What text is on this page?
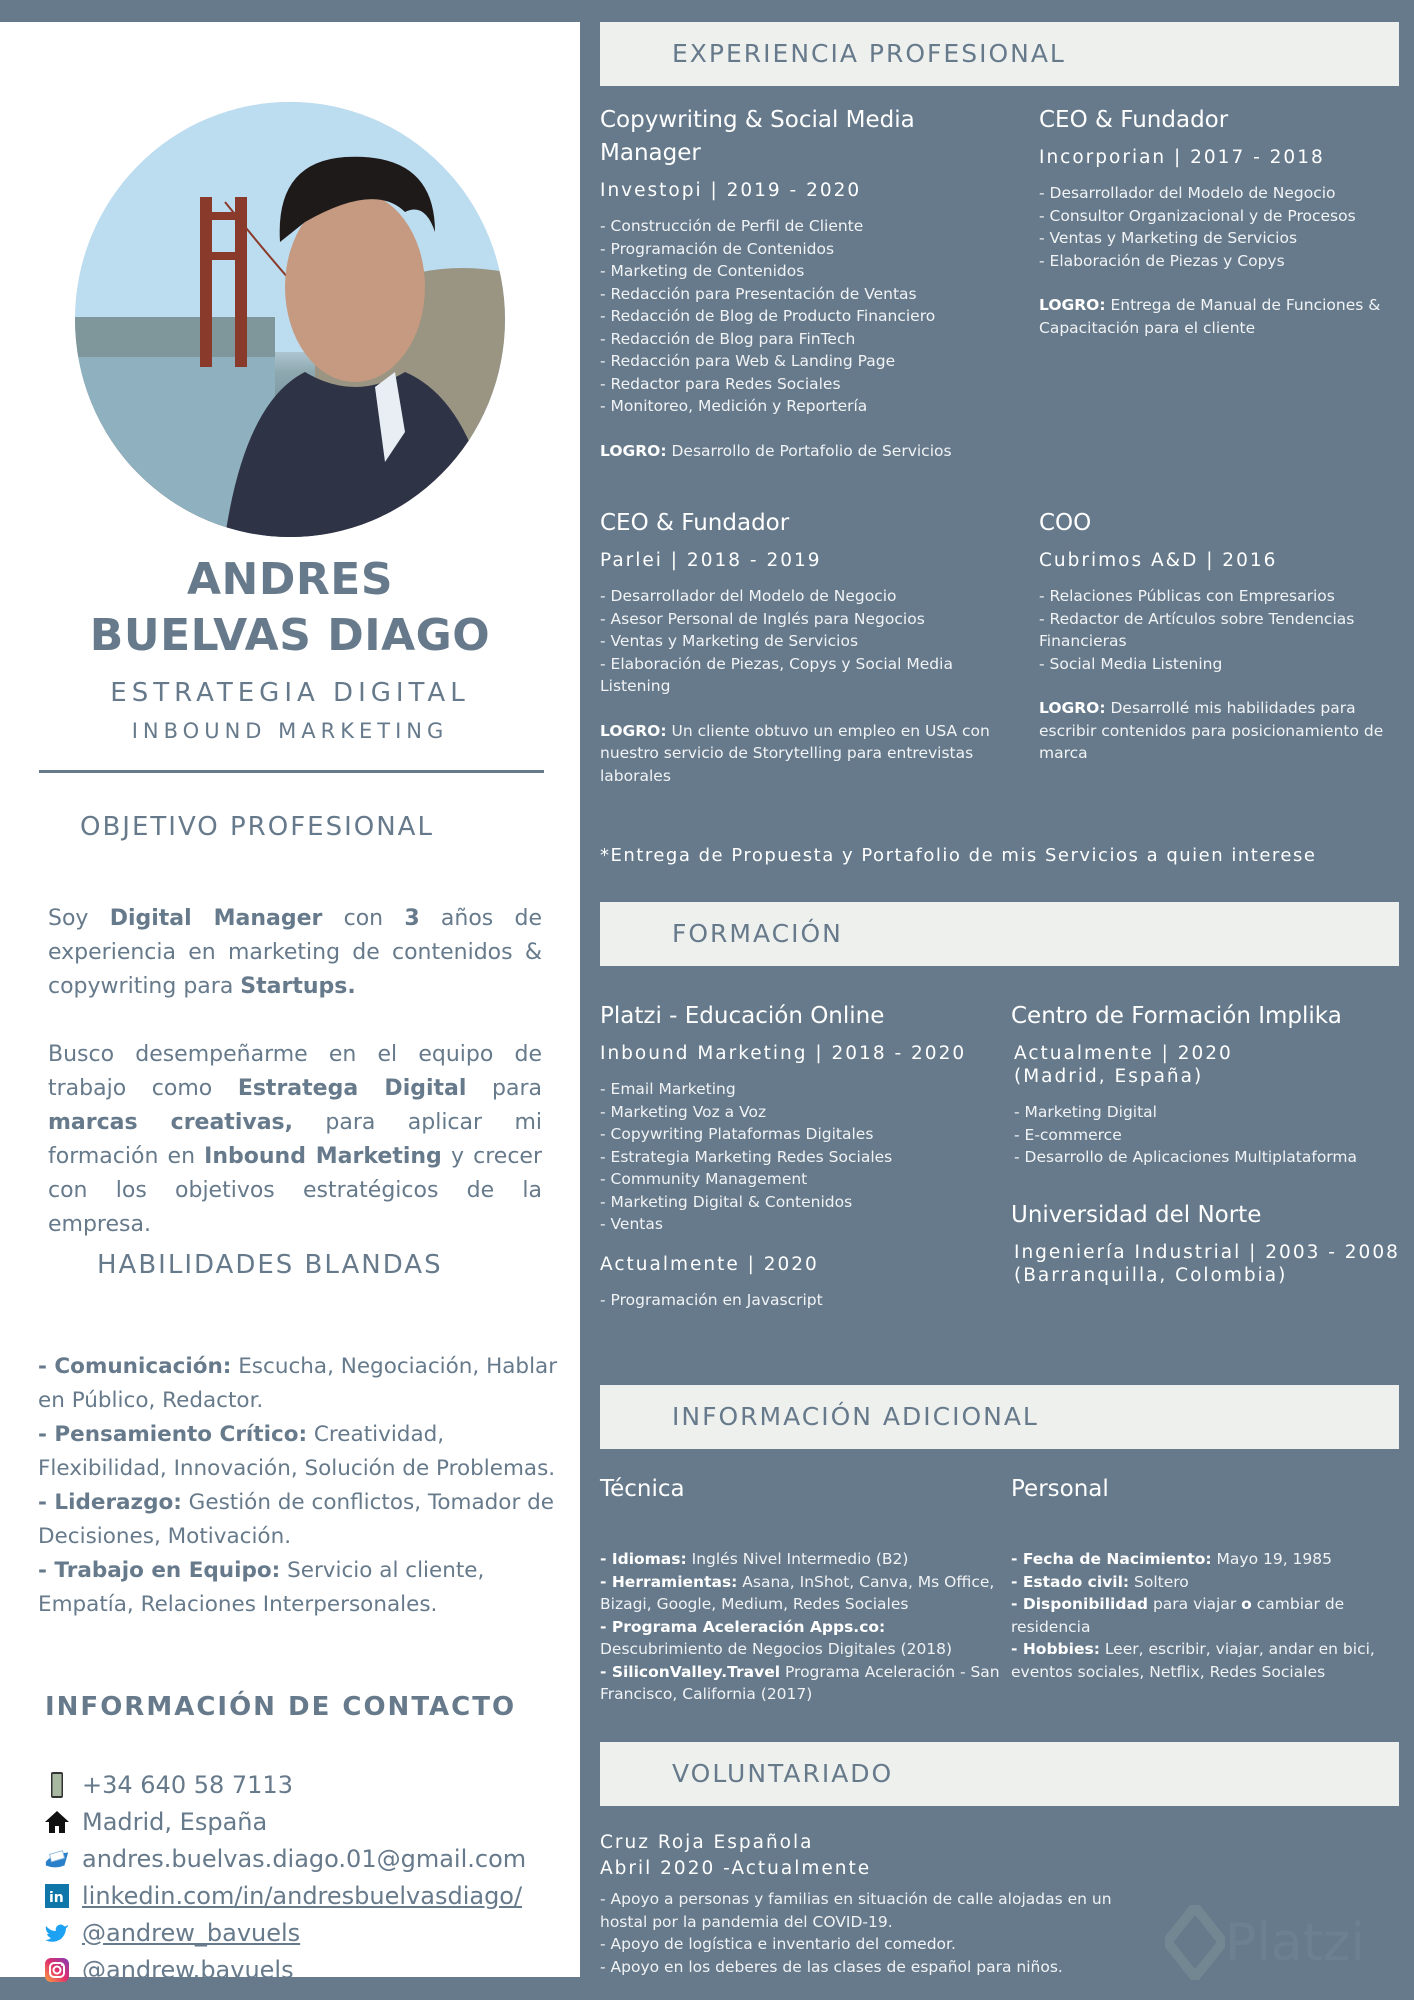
ANDRES
BUELVAS DIAGO
ESTRATEGIA DIGITAL
INBOUND MARKETING
OBJETIVO PROFESIONAL

Soy Digital Manager con 3 años de experiencia en marketing de contenidos & copywriting para Startups.

Busco desempeñarme en el equipo de trabajo como Estratega Digital para marcas creativas, para aplicar mi formación en Inbound Marketing y crecer con los objetivos estratégicos de la empresa.

HABILIDADES BLANDAS
- Comunicación: Escucha, Negociación, Hablar en Público, Redactor.
- Pensamiento Crítico: Creatividad, Flexibilidad, Innovación, Solución de Problemas.
- Liderazgo: Gestión de conflictos, Tomador de Decisiones, Motivación.
- Trabajo en Equipo: Servicio al cliente, Empatía, Relaciones Interpersonales.
INFORMACIÓN DE CONTACTO
+34 640 58 7113
Madrid, España
andres.buelvas.diago.01@gmail.com
in linkedin.com/in/andresbuelvasdiago/
@andrew_bavuels
@andrew.bavuels
EXPERIENCIA PROFESIONAL
Copywriting & Social Media Manager
Investopi | 2019 - 2020
- Construcción de Perfil de Cliente
- Programación de Contenidos
- Marketing de Contenidos
- Redacción para Presentación de Ventas
- Redacción de Blog de Producto Financiero
- Redacción de Blog para FinTech
- Redacción para Web & Landing Page
- Redactor para Redes Sociales
- Monitoreo, Medición y Reportería
LOGRO: Desarrollo de Portafolio de Servicios
CEO & Fundador
Incorporian | 2017 - 2018
- Desarrollador del Modelo de Negocio
- Consultor Organizacional y de Procesos
- Ventas y Marketing de Servicios
- Elaboración de Piezas y Copys
LOGRO: Entrega de Manual de Funciones & Capacitación para el cliente
CEO & Fundador
Parlei | 2018 - 2019
- Desarrollador del Modelo de Negocio
- Asesor Personal de Inglés para Negocios
- Ventas y Marketing de Servicios
- Elaboración de Piezas, Copys y Social Media Listening
LOGRO: Un cliente obtuvo un empleo en USA con nuestro servicio de Storytelling para entrevistas laborales
COO
Cubrimos A&D | 2016
- Relaciones Públicas con Empresarios
- Redactor de Artículos sobre Tendencias Financieras
- Social Media Listening
LOGRO: Desarrollé mis habilidades para escribir contenidos para posicionamiento de marca
*Entrega de Propuesta y Portafolio de mis Servicios a quien interese
FORMACIÓN
Platzi - Educación Online
Inbound Marketing | 2018 - 2020
- Email Marketing
- Marketing Voz a Voz
- Copywriting Plataformas Digitales
- Estrategia Marketing Redes Sociales
- Community Management
- Marketing Digital & Contenidos
- Ventas
Actualmente | 2020
- Programación en Javascript
Centro de Formación Implika
Actualmente | 2020
(Madrid, España)
- Marketing Digital
- E-commerce
- Desarrollo de Aplicaciones Multiplataforma
Universidad del Norte
Ingeniería Industrial | 2003 - 2008
(Barranquilla, Colombia)
INFORMACIÓN ADICIONAL
Técnica
- Idiomas: Inglés Nivel Intermedio (B2)
- Herramientas: Asana, InShot, Canva, Ms Office, Bizagi, Google, Medium, Redes Sociales
- Programa Aceleración Apps.co: Descubrimiento de Negocios Digitales (2018)
- SiliconValley.Travel Programa Aceleración - San Francisco, California (2017)
Personal
- Fecha de Nacimiento: Mayo 19, 1985
- Estado civil: Soltero
- Disponibilidad para viajar o cambiar de residencia
- Hobbies: Leer, escribir, viajar, andar en bici, eventos sociales, Netflix, Redes Sociales
VOLUNTARIADO
Cruz Roja Española
Abril 2020 -Actualmente
- Apoyo a personas y familias en situación de calle alojadas en un hostal por la pandemia del COVID-19.
- Apoyo de logística e inventario del comedor.
- Apoyo en los deberes de las clases de español para niños.	Platzi
